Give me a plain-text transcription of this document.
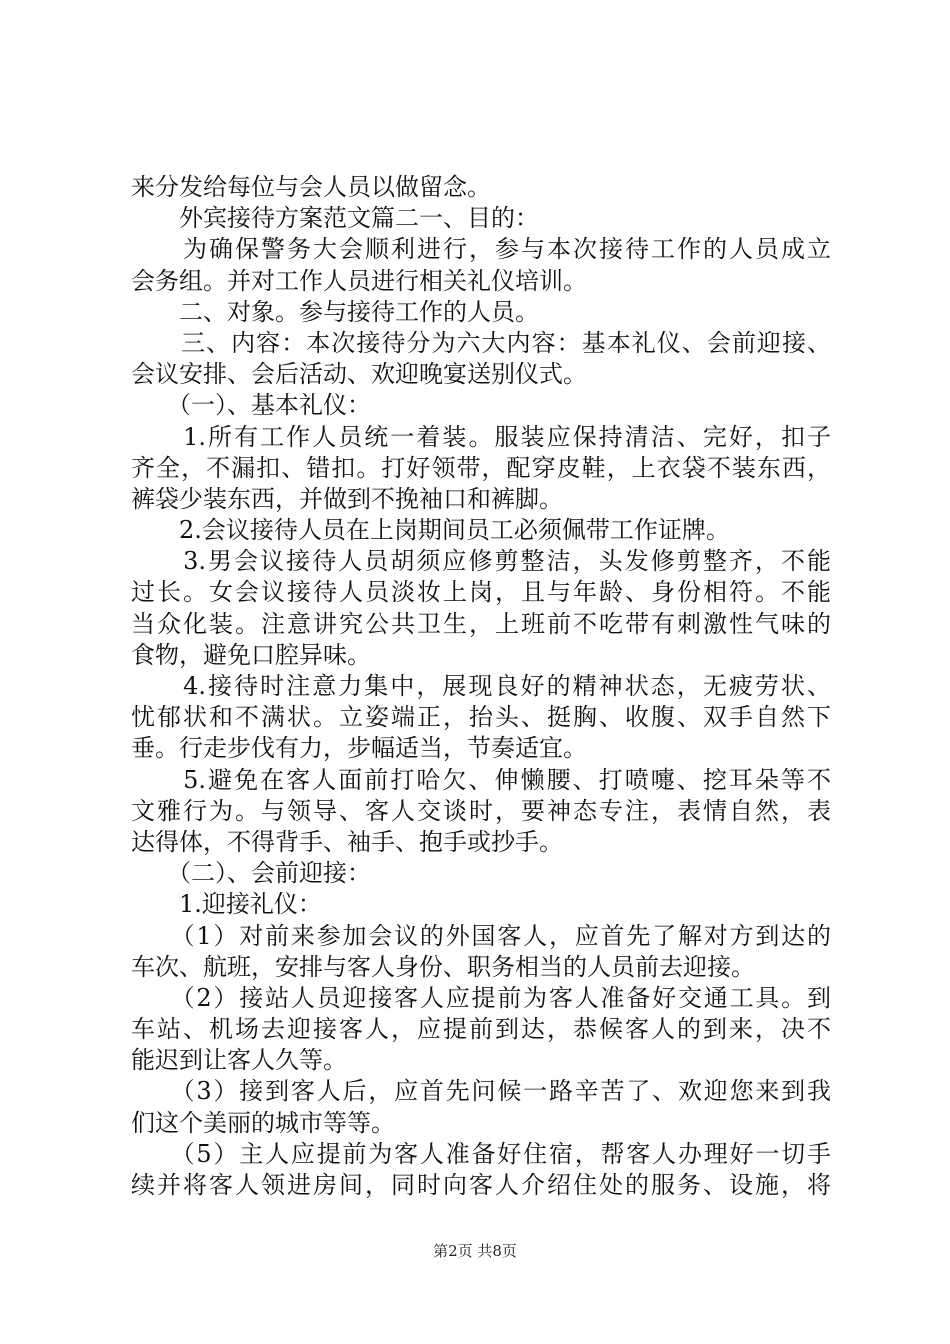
来分发给每位与会人员以做留念。
　　外宾接待方案范文篇二一、目的：
　　为确保警务大会顺利进行，参与本次接待工作的人员成立
会务组。并对工作人员进行相关礼仪培训。
　　二、对象。参与接待工作的人员。
　　三、内容：本次接待分为六大内容：基本礼仪、会前迎接、
会议安排、会后活动、欢迎晚宴送别仪式。
　　（一）、基本礼仪：
　　1.所有工作人员统一着装。服装应保持清洁、完好，扣子
齐全，不漏扣、错扣。打好领带，配穿皮鞋，上衣袋不装东西，
裤袋少装东西，并做到不挽袖口和裤脚。
　　2.会议接待人员在上岗期间员工必须佩带工作证牌。
　　3.男会议接待人员胡须应修剪整洁，头发修剪整齐，不能
过长。女会议接待人员淡妆上岗，且与年龄、身份相符。不能
当众化装。注意讲究公共卫生，上班前不吃带有刺激性气味的
食物，避免口腔异味。
　　4.接待时注意力集中，展现良好的精神状态，无疲劳状、
忧郁状和不满状。立姿端正，抬头、挺胸、收腹、双手自然下
垂。行走步伐有力，步幅适当，节奏适宜。
　　5.避免在客人面前打哈欠、伸懒腰、打喷嚏、挖耳朵等不
文雅行为。与领导、客人交谈时，要神态专注，表情自然，表
达得体，不得背手、袖手、抱手或抄手。
　　（二）、会前迎接：
　　1.迎接礼仪：
　　（1）对前来参加会议的外国客人，应首先了解对方到达的
车次、航班，安排与客人身份、职务相当的人员前去迎接。
　　（2）接站人员迎接客人应提前为客人准备好交通工具。到
车站、机场去迎接客人，应提前到达，恭候客人的到来，决不
能迟到让客人久等。
　　（3）接到客人后，应首先问候一路辛苦了、欢迎您来到我
们这个美丽的城市等等。
　　（5）主人应提前为客人准备好住宿，帮客人办理好一切手
续并将客人领进房间，同时向客人介绍住处的服务、设施，将
第2页 共8页
